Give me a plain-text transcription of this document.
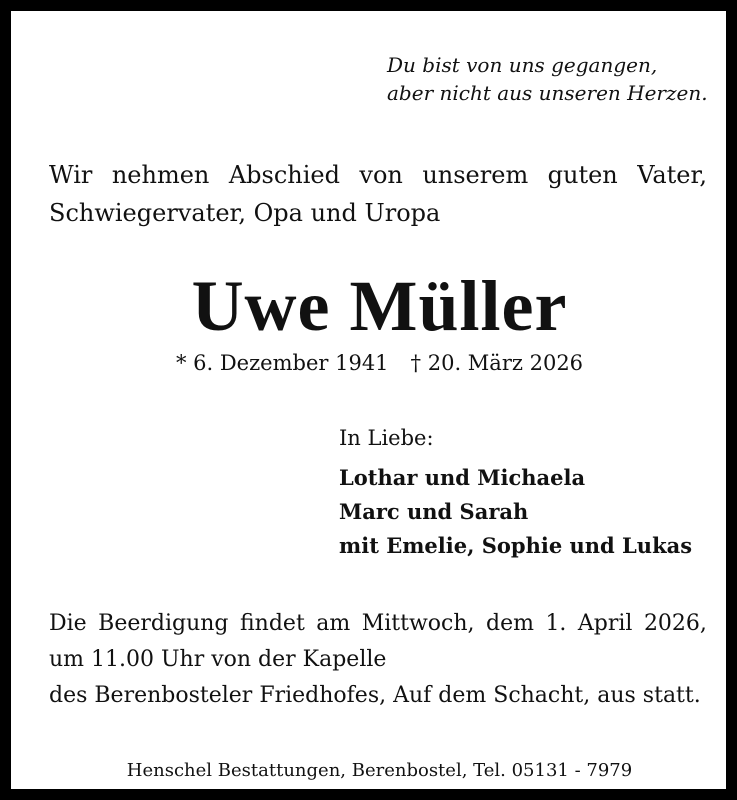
Du bist von uns gegangen,
aber nicht aus unseren Herzen.
Wir nehmen Abschied von unserem guten Vater,
Schwiegervater, Opa und Uropa
Uwe Müller
* 6. Dezember 1941 † 20. März 2026
In Liebe:
Lothar und Michaela
Marc und Sarah
mit Emelie, Sophie und Lukas
Die Beerdigung findet am Mittwoch, dem 1. April 2026,
um 11.00 Uhr von der Kapelle
des Berenbosteler Friedhofes, Auf dem Schacht, aus statt.
Henschel Bestattungen, Berenbostel, Tel. 05131 - 7979
